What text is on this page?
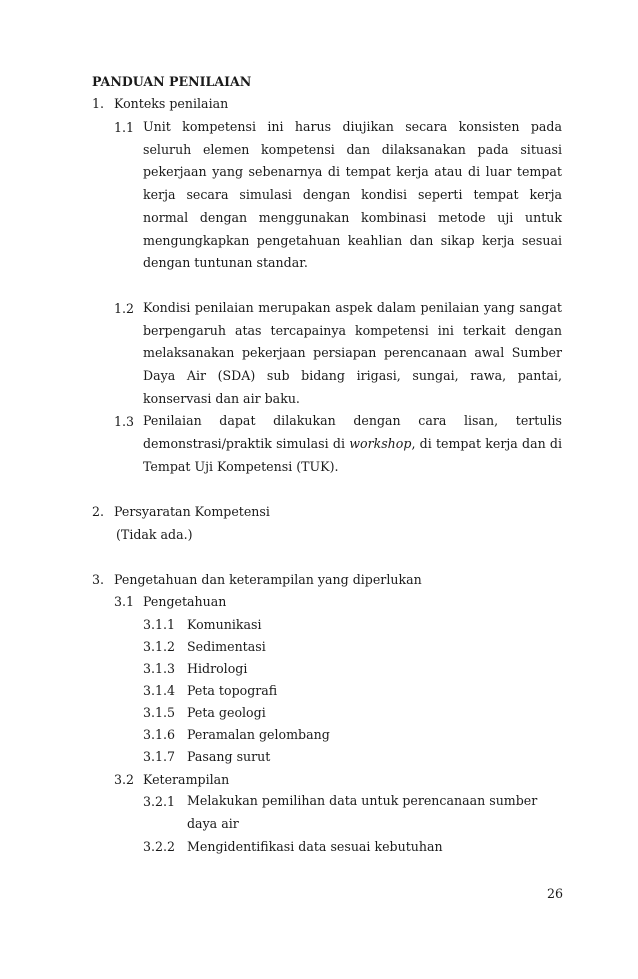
PANDUAN PENILAIAN
1. Konteks penilaian
1.1 Unit kompetensi ini harus diujikan secara konsisten pada seluruh elemen kompetensi dan dilaksanakan pada situasi pekerjaan yang sebenarnya di tempat kerja atau di luar tempat kerja secara simulasi dengan kondisi seperti tempat kerja normal dengan menggunakan kombinasi metode uji untuk mengungkapkan pengetahuan keahlian dan sikap kerja sesuai dengan tuntunan standar.
1.2 Kondisi penilaian merupakan aspek dalam penilaian yang sangat berpengaruh atas tercapainya kompetensi ini terkait dengan melaksanakan pekerjaan persiapan perencanaan awal Sumber Daya Air (SDA) sub bidang irigasi, sungai, rawa, pantai, konservasi dan air baku.
1.3 Penilaian dapat dilakukan dengan cara lisan, tertulis
demonstrasi/praktik simulasi di workshop, di tempat kerja dan di
Tempat Uji Kompetensi (TUK).
2. Persyaratan Kompetensi
(Tidak ada.)
3. Pengetahuan dan keterampilan yang diperlukan
3.1 Pengetahuan
3.1.1 Komunikasi
3.1.2 Sedimentasi
3.1.3 Hidrologi
3.1.4 Peta topografi
3.1.5 Peta geologi
3.1.6 Peramalan gelombang
3.1.7 Pasang surut
3.2 Keterampilan
3.2.1 Melakukan pemilihan data untuk perencanaan sumber daya air
3.2.2 Mengidentifikasi data sesuai kebutuhan
26
